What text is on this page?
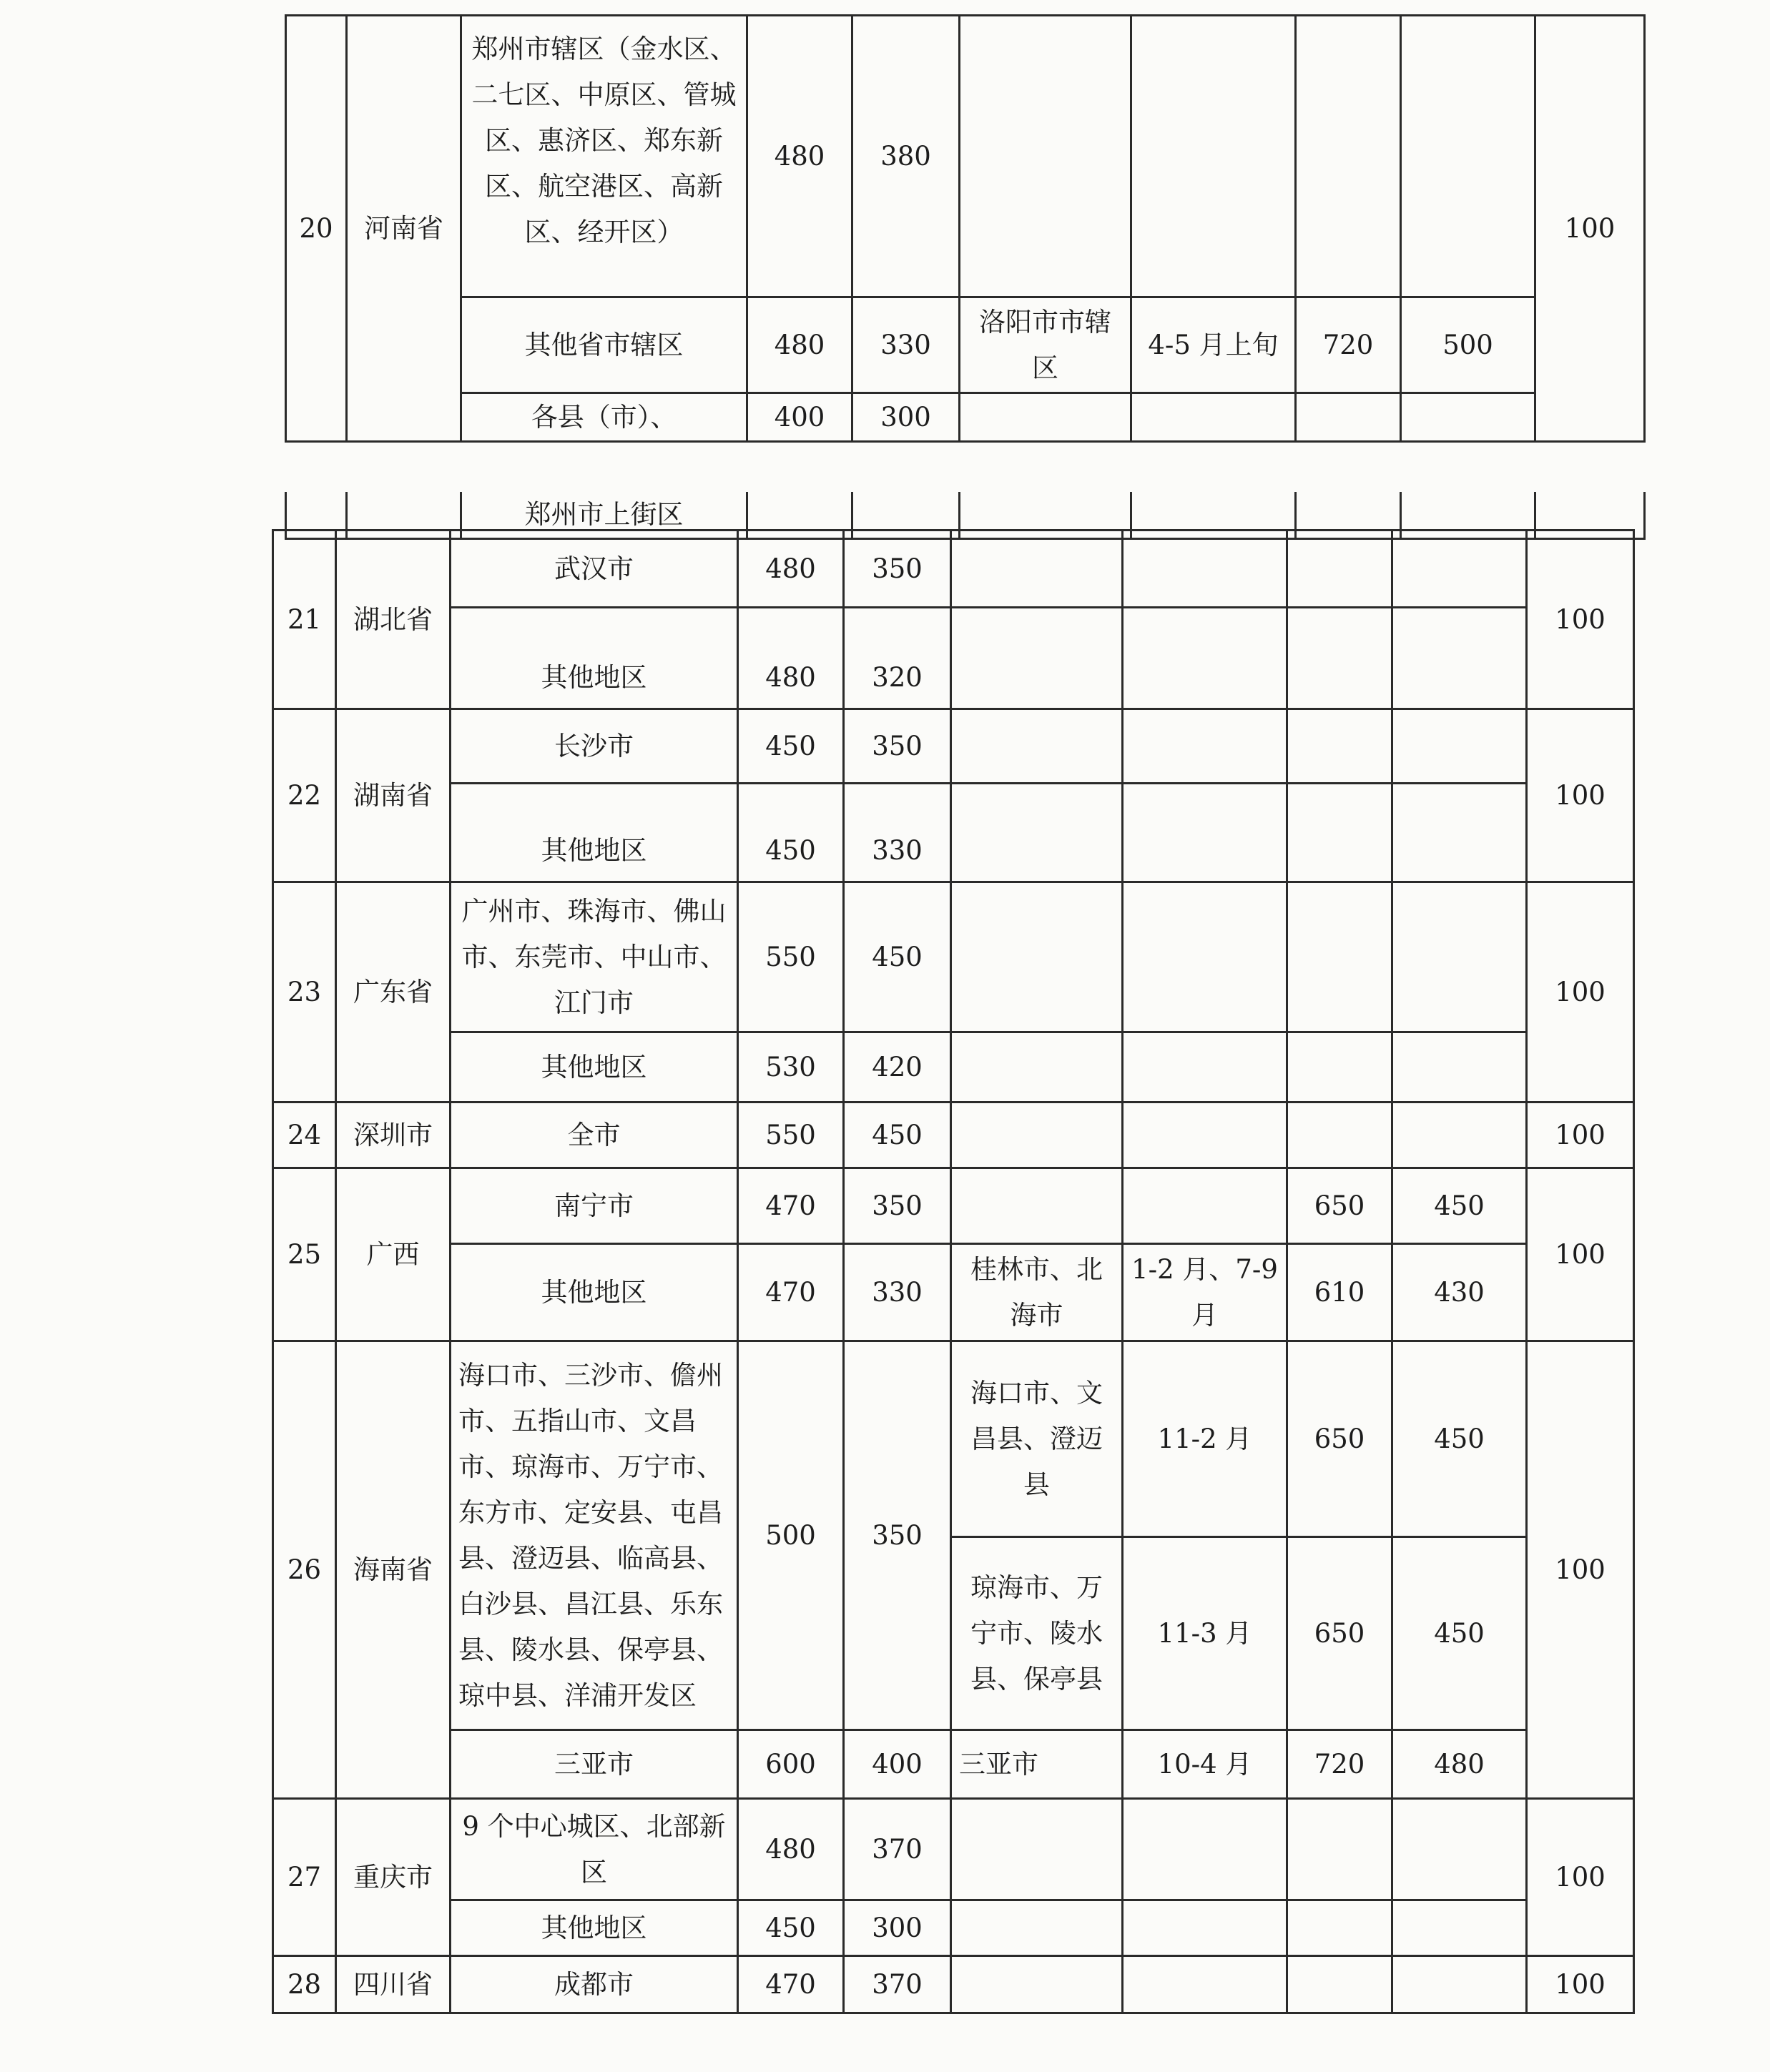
20	河南省	郑州市辖区（金水区、二七区、中原区、管城区、惠济区、郑东新区、航空港区、高新区、经开区）	480	380					100
		其他省市辖区	480	330	洛阳市市辖区	4-5 月上旬	720	500	
		各县（市）、	400	300					
		郑州市上街区							
21	湖北省	武汉市	480	350					100
		其他地区	480	320					
22	湖南省	长沙市	450	350					100
		其他地区	450	330					
23	广东省	广州市、珠海市、佛山市、东莞市、中山市、江门市	550	450					100
		其他地区	530	420					
24	深圳市	全市	550	450					100
25	广西	南宁市	470	350			650	450	100
		其他地区	470	330	桂林市、北海市	1-2 月、7-9 月	610	430	
26	海南省	海口市、三沙市、儋州市、五指山市、文昌市、琼海市、万宁市、东方市、定安县、屯昌县、澄迈县、临高县、白沙县、昌江县、乐东县、陵水县、保亭县、琼中县、洋浦开发区	500	350	海口市、文昌县、澄迈县	11-2 月	650	450	100
					琼海市、万宁市、陵水县、保亭县	11-3 月	650	450	
		三亚市	600	400	三亚市	10-4 月	720	480	
27	重庆市	9 个中心城区、北部新区	480	370					100
		其他地区	450	300					
28	四川省	成都市	470	370					100
